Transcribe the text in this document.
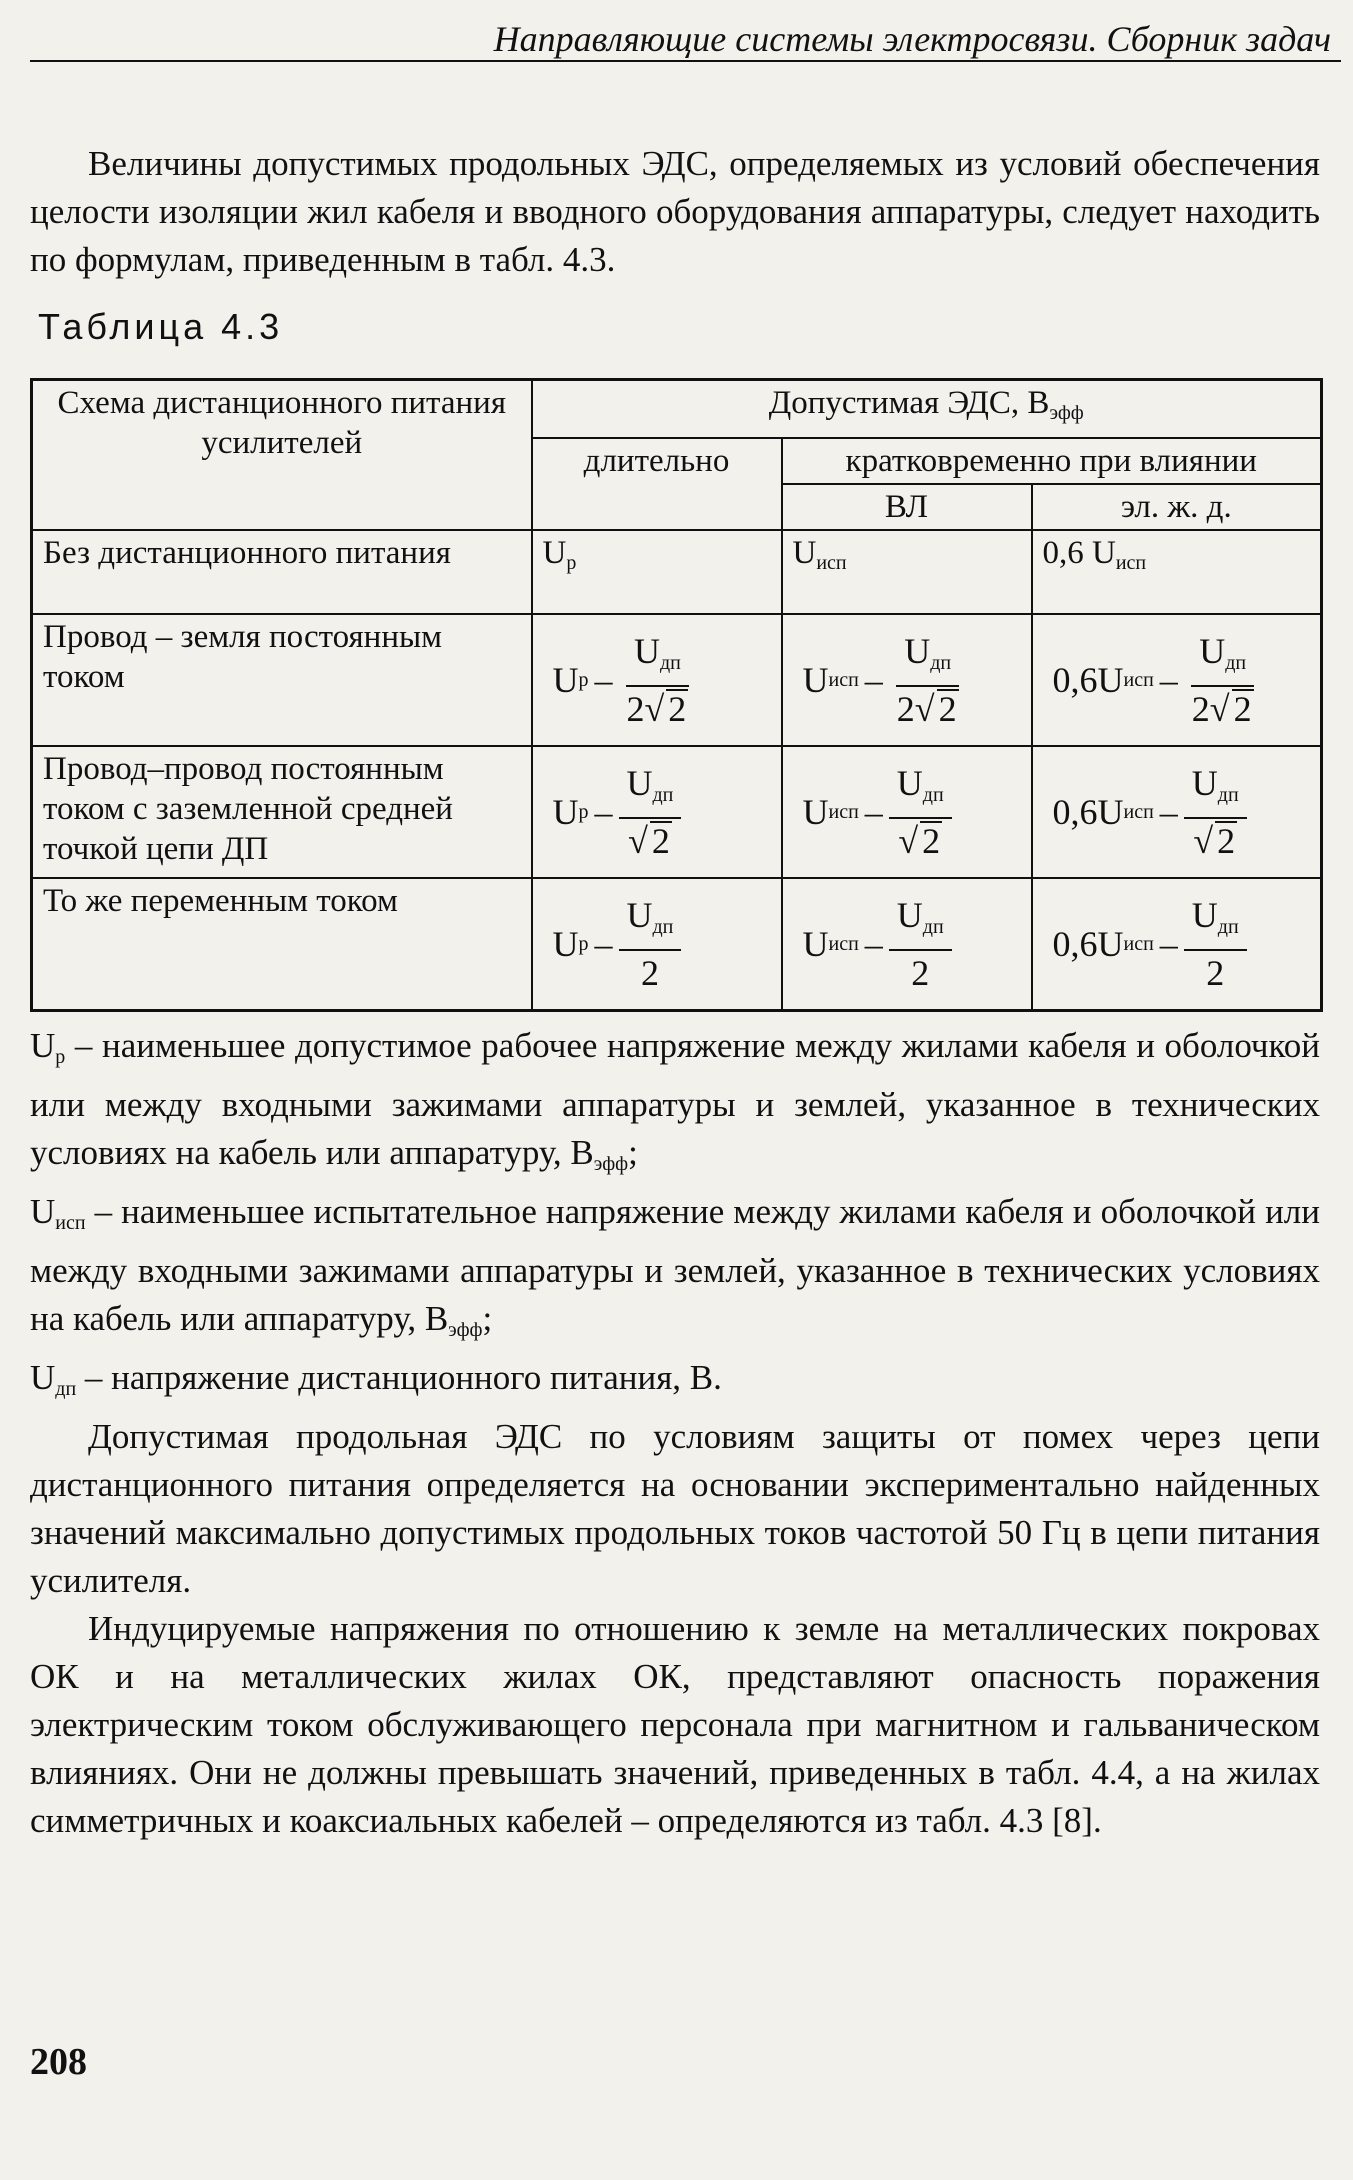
Направляющие системы электросвязи. Сборник задач

Величины допустимых продольных ЭДС, определяемых из условий обеспечения целости изоляции жил кабеля и вводного оборудования аппаратуры, следует находить по формулам, приведенным в табл. 4.3.

Таблица 4.3
Схема дистанционного питания усилителей	Допустимая ЭДС, $В_{эфф}$
	длительно	кратковременно при влиянии	
		ВЛ	эл. ж. д.
Без дистанционного питания	$U_р$	$U_{исп}$	0,6 $U_{исп}$
Провод – земля постоянным током	U р – $\frac{U_{дп}}{2√ 2}$	U исп – $\frac{U_{дп}}{2√ 2}$	0,6U исп – $\frac{U_{дп}}{2√ 2}$

Провод–провод постоянным током с заземленной средней точкой цепи ДП	U р – $\frac{U_{дп}}{√ 2}$	U исп – $\frac{U_{дп}}{√ 2}$	0,6U исп – $\frac{U_{дп}}{√ 2}$

То же переменным током	U р – $\frac{U_{дп}}{2}$	U исп – $\frac{U_{дп}}{2}$	0,6U исп – $\frac{U_{дп}}{2}$

$U_р$ – наименьшее допустимое рабочее напряжение между жилами кабеля и оболочкой или между входными зажимами аппаратуры и землей, указанное в технических условиях на кабель или аппаратуру, $В_{эфф}$;

$U_{исп}$ – наименьшее испытательное напряжение между жилами кабеля и оболочкой или между входными зажимами аппаратуры и землей, указанное в технических условиях на кабель или аппаратуру, $В_{эфф}$;

$U_{дп}$ – напряжение дистанционного питания, В.

Допустимая продольная ЭДС по условиям защиты от помех через цепи дистанционного питания определяется на основании экспериментально найденных значений максимально допустимых продольных токов частотой 50 Гц в цепи питания усилителя.

Индуцируемые напряжения по отношению к земле на металлических покровах ОК и на металлических жилах ОК, представляют опасность поражения электрическим током обслуживающего персонала при магнитном и гальваническом влияниях. Они не должны превышать значений, приведенных в табл. 4.4, а на жилах симметричных и коаксиальных кабелей – определяются из табл. 4.3 [8].

208
